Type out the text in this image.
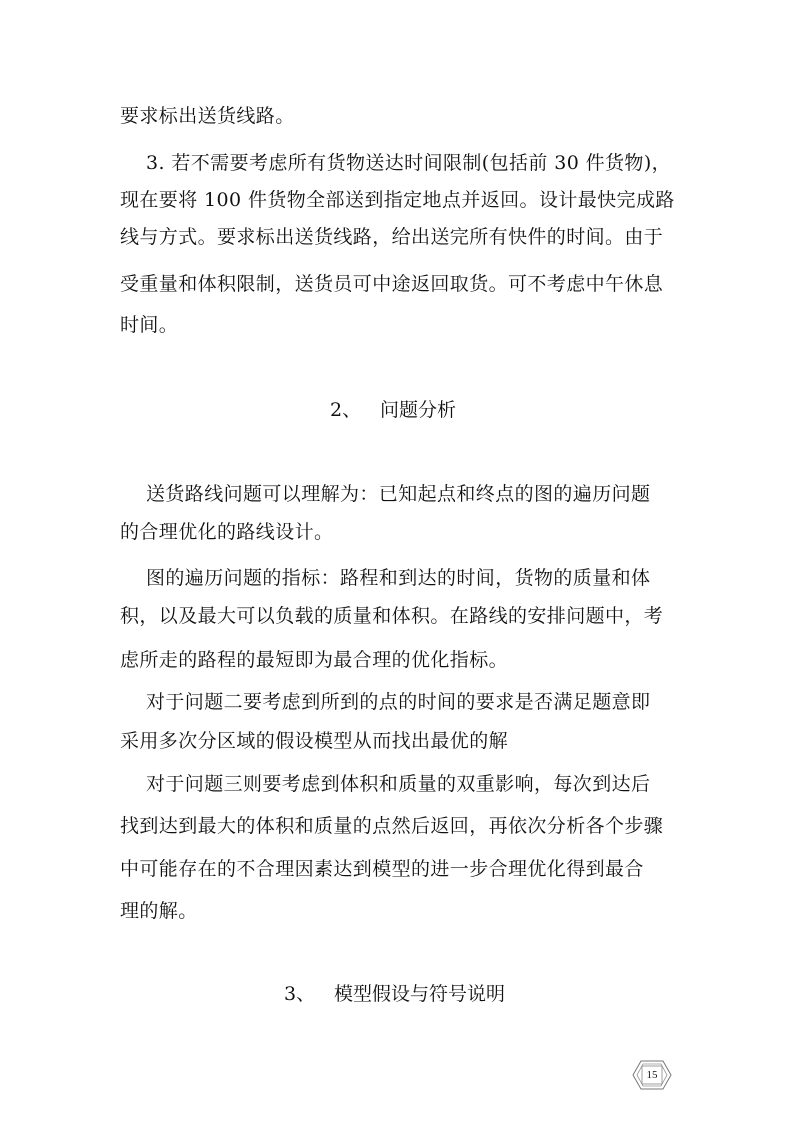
要求标出送货线路。
3. 若不需要考虑所有货物送达时间限制(包括前 30 件货物)，
现在要将 100 件货物全部送到指定地点并返回。设计最快完成路
线与方式。要求标出送货线路，给出送完所有快件的时间。由于
受重量和体积限制，送货员可中途返回取货。可不考虑中午休息
时间。
2、 问题分析
送货路线问题可以理解为：已知起点和终点的图的遍历问题
的合理优化的路线设计。
图的遍历问题的指标：路程和到达的时间，货物的质量和体
积，以及最大可以负载的质量和体积。在路线的安排问题中，考
虑所走的路程的最短即为最合理的优化指标。
对于问题二要考虑到所到的点的时间的要求是否满足题意即
采用多次分区域的假设模型从而找出最优的解
对于问题三则要考虑到体积和质量的双重影响，每次到达后
找到达到最大的体积和质量的点然后返回，再依次分析各个步骤
中可能存在的不合理因素达到模型的进一步合理优化得到最合
理的解。
3、 模型假设与符号说明
15
